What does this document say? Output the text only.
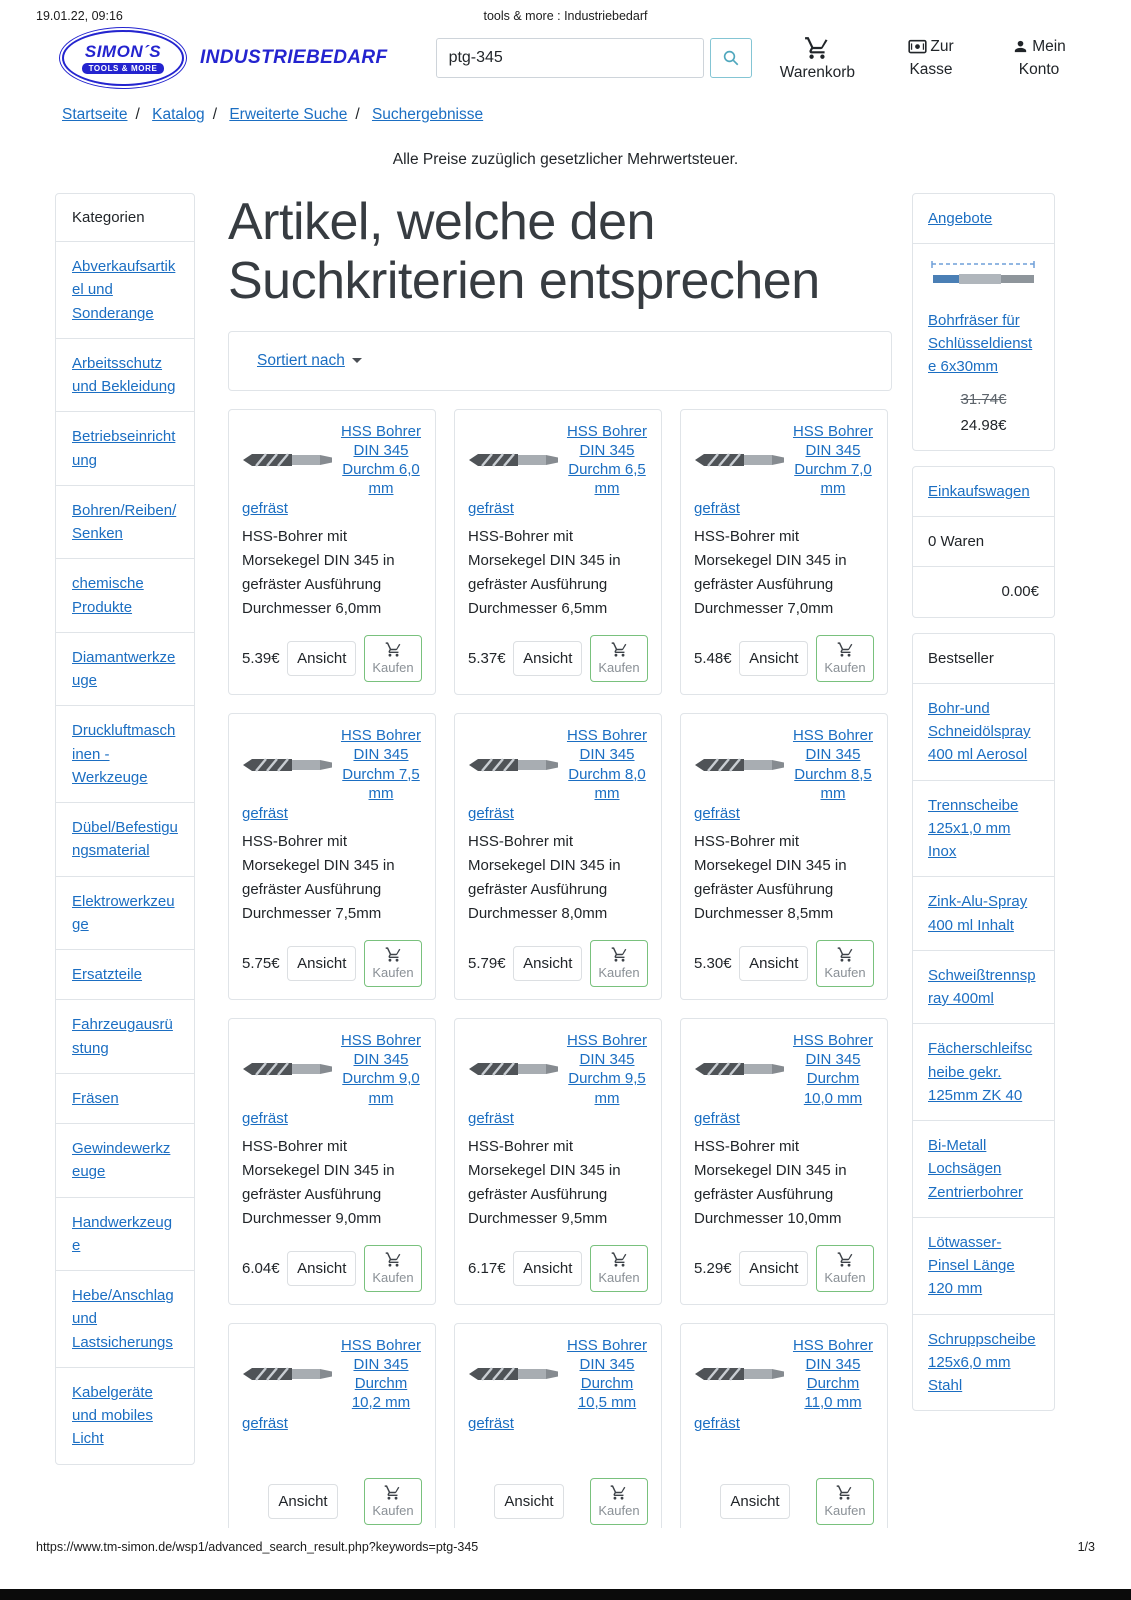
19.01.22, 09:16	tools & more : Industriebedarf
SIMON´S
TOOLS & MORE
INDUSTRIEBEDARF
ptg-345
Warenkorb
Zur Kasse
Mein Konto
Startseite / Katalog / Erweiterte Suche / Suchergebnisse
Alle Preise zuzüglich gesetzlicher Mehrwertsteuer.
Kategorien
Abverkaufsartikel und Sonderange
Arbeitsschutz und Bekleidung
Betriebseinrichtung
Bohren/Reiben/Senken
chemische Produkte
Diamantwerkzeuge
Druckluftmaschinen - Werkzeuge
Dübel/Befestigungsmaterial
Elektrowerkzeuge
Ersatzteile
Fahrzeugausrüstung
Fräsen
Gewindewerkzeuge
Handwerkzeuge
Hebe/Anschlag und Lastsicherungs
Kabelgeräte und mobiles Licht
Artikel, welche den Suchkriterien entsprechen
Sortiert nach
HSS Bohrer DIN 345 Durchm 6,0 mm
gefräst

HSS-Bohrer mit Morsekegel DIN 345 in gefräster Ausführung Durchmesser 6,0mm

5.39€	Ansicht
Kaufen
HSS Bohrer DIN 345 Durchm 6,5 mm
gefräst

HSS-Bohrer mit Morsekegel DIN 345 in gefräster Ausführung Durchmesser 6,5mm

5.37€	Ansicht
Kaufen
HSS Bohrer DIN 345 Durchm 7,0 mm
gefräst

HSS-Bohrer mit Morsekegel DIN 345 in gefräster Ausführung Durchmesser 7,0mm

5.48€	Ansicht
Kaufen
HSS Bohrer DIN 345 Durchm 7,5 mm
gefräst

HSS-Bohrer mit Morsekegel DIN 345 in gefräster Ausführung Durchmesser 7,5mm

5.75€	Ansicht
Kaufen
HSS Bohrer DIN 345 Durchm 8,0 mm
gefräst

HSS-Bohrer mit Morsekegel DIN 345 in gefräster Ausführung Durchmesser 8,0mm

5.79€	Ansicht
Kaufen
HSS Bohrer DIN 345 Durchm 8,5 mm
gefräst

HSS-Bohrer mit Morsekegel DIN 345 in gefräster Ausführung Durchmesser 8,5mm

5.30€	Ansicht
Kaufen
HSS Bohrer DIN 345 Durchm 9,0 mm
gefräst

HSS-Bohrer mit Morsekegel DIN 345 in gefräster Ausführung Durchmesser 9,0mm

6.04€	Ansicht
Kaufen
HSS Bohrer DIN 345 Durchm 9,5 mm
gefräst

HSS-Bohrer mit Morsekegel DIN 345 in gefräster Ausführung Durchmesser 9,5mm

6.17€	Ansicht
Kaufen
HSS Bohrer DIN 345 Durchm 10,0 mm
gefräst

HSS-Bohrer mit Morsekegel DIN 345 in gefräster Ausführung Durchmesser 10,0mm

5.29€	Ansicht
Kaufen
HSS Bohrer DIN 345 Durchm 10,2 mm
gefräst

Ansicht
Kaufen
HSS Bohrer DIN 345 Durchm 10,5 mm
gefräst

Ansicht
Kaufen
HSS Bohrer DIN 345 Durchm 11,0 mm
gefräst

Ansicht
Kaufen
Angebote
Bohrfräser für Schlüsseldienste 6x30mm
31.74€
24.98€
Einkaufswagen
0 Waren
0.00€
Bestseller
Bohr-und Schneidölspray 400 ml Aerosol
Trennscheibe 125x1,0 mm Inox
Zink-Alu-Spray 400 ml Inhalt
Schweißtrennspray 400ml
Fächerschleifscheibe gekr. 125mm ZK 40
Bi-Metall Lochsägen Zentrierbohrer
Lötwasser-Pinsel Länge 120 mm
Schruppscheibe 125x6,0 mm Stahl
https://www.tm-simon.de/wsp1/advanced_search_result.php?keywords=ptg-345	1/3
